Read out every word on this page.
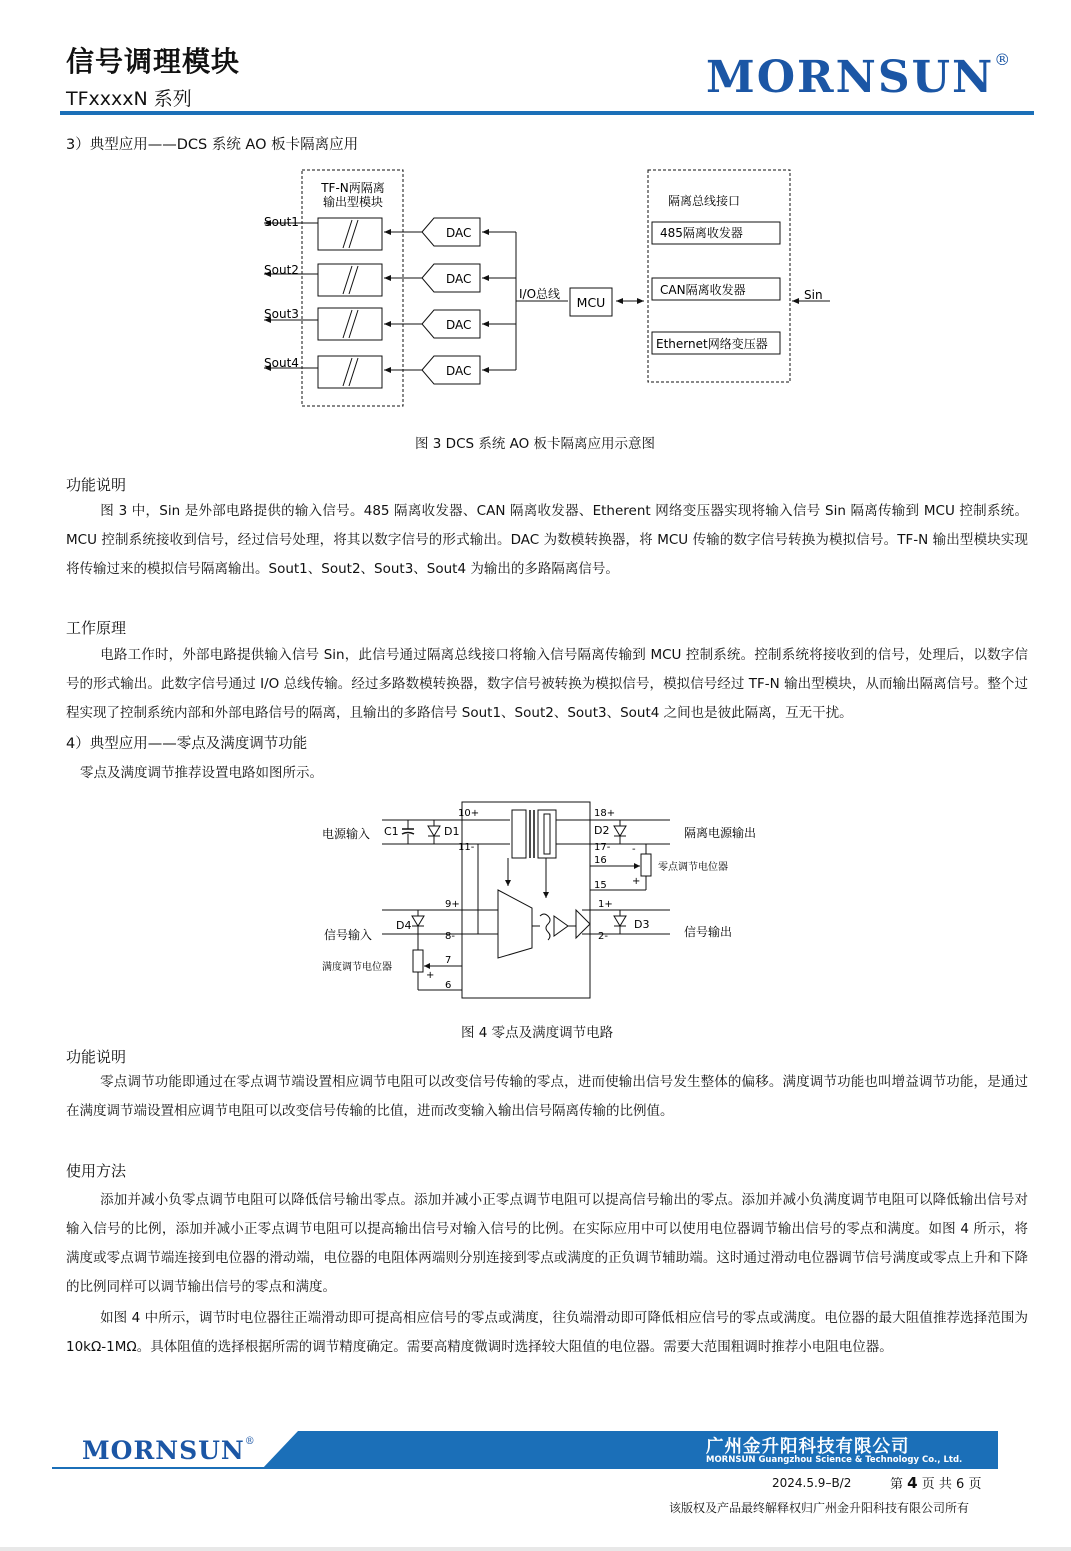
信号调理模块
TFxxxxN 系列	MORNSUN®
3）典型应用——DCS 系统 AO 板卡隔离应用
TF-N两隔离
输出型模块
Sout1
DAC
Sout2
DAC
Sout3
DAC
Sout4
DAC
I/O总线
MCU
隔离总线接口
485隔离收发器
CAN隔离收发器
Ethernet网络变压器
Sin
图 3 DCS 系统 AO 板卡隔离应用示意图
功能说明
图 3 中，Sin 是外部电路提供的输入信号。485 隔离收发器、CAN 隔离收发器、Etherent 网络变压器实现将输入信号 Sin 隔离传输到 MCU 控制系统。MCU 控制系统接收到信号，经过信号处理，将其以数字信号的形式输出。DAC 为数模转换器，将 MCU 传输的数字信号转换为模拟信号。TF-N 输出型模块实现将传输过来的模拟信号隔离输出。Sout1、Sout2、Sout3、Sout4 为输出的多路隔离信号。
工作原理
电路工作时，外部电路提供输入信号 Sin，此信号通过隔离总线接口将输入信号隔离传输到 MCU 控制系统。控制系统将接收到的信号，处理后，以数字信号的形式输出。此数字信号通过 I/O 总线传输。经过多路数模转换器，数字信号被转换为模拟信号，模拟信号经过 TF-N 输出型模块，从而输出隔离信号。整个过程实现了控制系统内部和外部电路信号的隔离，且输出的多路信号 Sout1、Sout2、Sout3、Sout4 之间也是彼此隔离，互无干扰。
4）典型应用——零点及满度调节功能
零点及满度调节推荐设置电路如图所示。
电源输入
10+
11-
C1	D1
18+
17-
D2	隔离电源输出
16
15
-
+
零点调节电位器
信号输入
9+
8-
D4
满度调节电位器
7
6
+
1+
2-
D3
信号输出
图 4 零点及满度调节电路
功能说明
零点调节功能即通过在零点调节端设置相应调节电阻可以改变信号传输的零点，进而使输出信号发生整体的偏移。满度调节功能也叫增益调节功能，是通过在满度调节端设置相应调节电阻可以改变信号传输的比值，进而改变输入输出信号隔离传输的比例值。
使用方法
添加并减小负零点调节电阻可以降低信号输出零点。添加并减小正零点调节电阻可以提高信号输出的零点。添加并减小负满度调节电阻可以降低输出信号对输入信号的比例，添加并减小正零点调节电阻可以提高输出信号对输入信号的比例。在实际应用中可以使用电位器调节输出信号的零点和满度。如图 4 所示，将满度或零点调节端连接到电位器的滑动端，电位器的电阻体两端则分别连接到零点或满度的正负调节辅助端。这时通过滑动电位器调节信号满度或零点上升和下降的比例同样可以调节输出信号的零点和满度。
如图 4 中所示，调节时电位器往正端滑动即可提高相应信号的零点或满度，往负端滑动即可降低相应信号的零点或满度。电位器的最大阻值推荐选择范围为 10kΩ-1MΩ。具体阻值的选择根据所需的调节精度确定。需要高精度微调时选择较大阻值的电位器。需要大范围粗调时推荐小电阻电位器。
MORNSUN®	广州金升阳科技有限公司
MORNSUN Guangzhou Science & Technology Co., Ltd.
2024.5.9–B/2	第 4 页 共 6 页
该版权及产品最终解释权归广州金升阳科技有限公司所有
